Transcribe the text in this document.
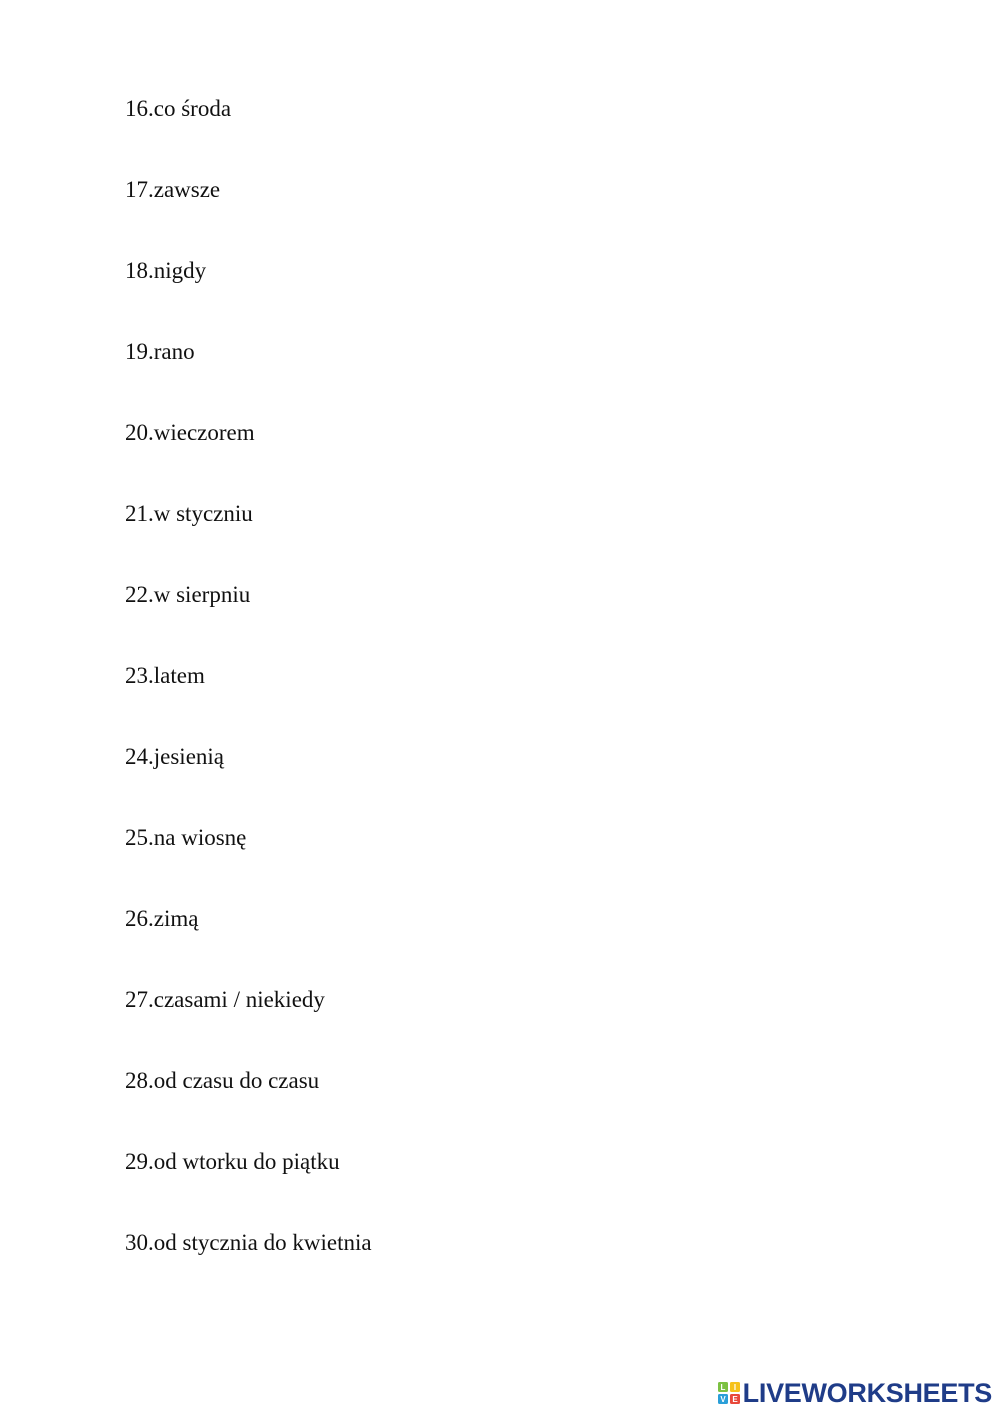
16.co środa
17.zawsze
18.nigdy
19.rano
20.wieczorem
21.w styczniu
22.w sierpniu
23.latem
24.jesienią
25.na wiosnę
26.zimą
27.czasami / niekiedy
28.od czasu do czasu
29.od wtorku do piątku
30.od stycznia do kwietnia
L I
V E LIVEWORKSHEETS
